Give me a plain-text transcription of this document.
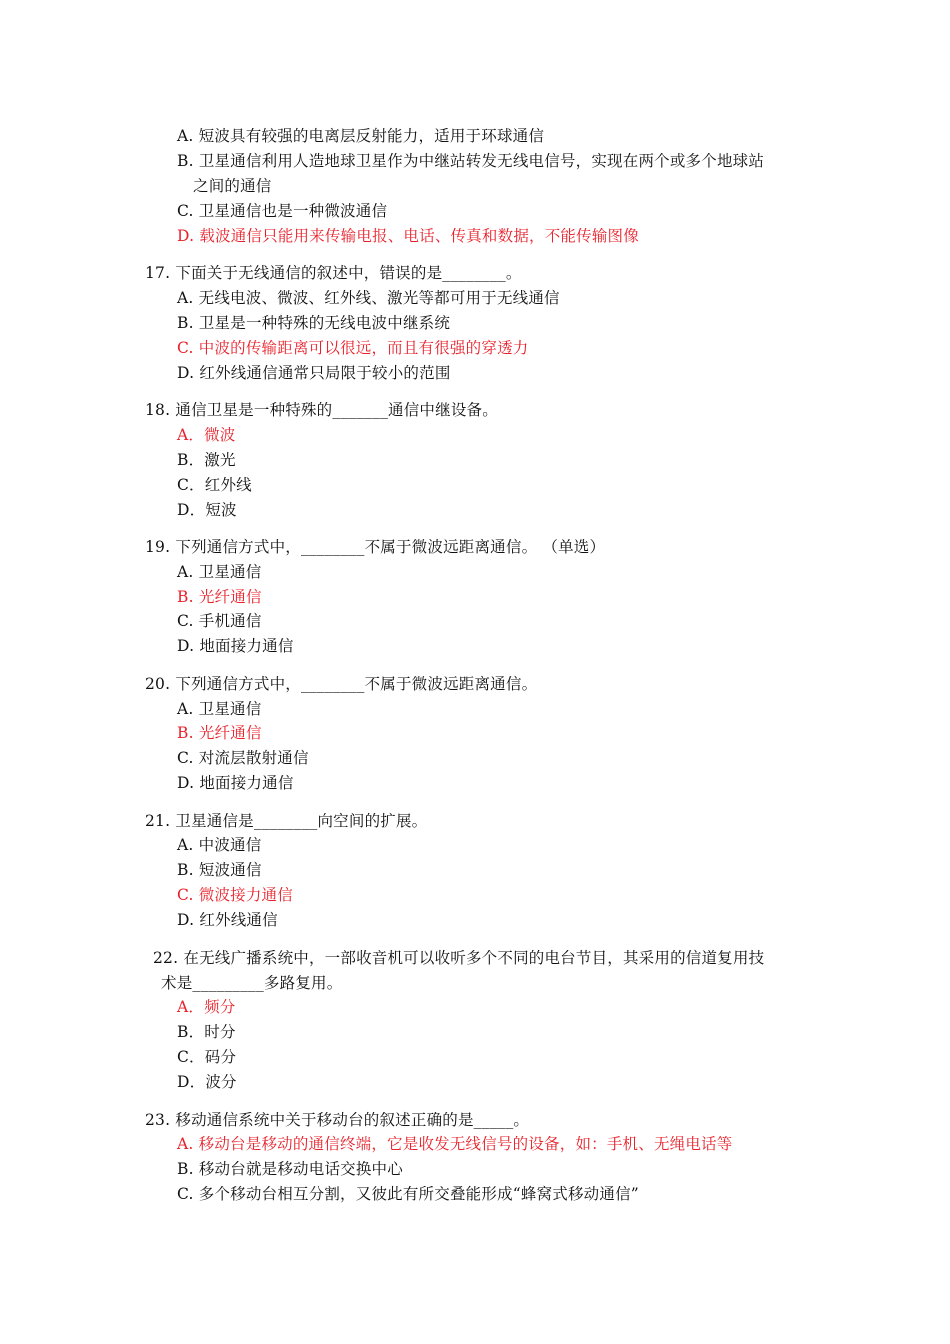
A. 短波具有较强的电离层反射能力，适用于环球通信
B. 卫星通信利用人造地球卫星作为中继站转发无线电信号，实现在两个或多个地球站
之间的通信
C. 卫星通信也是一种微波通信
D. 载波通信只能用来传输电报、电话、传真和数据，不能传输图像
17. 下面关于无线通信的叙述中，错误的是________。
A. 无线电波、微波、红外线、激光等都可用于无线通信
B. 卫星是一种特殊的无线电波中继系统
C. 中波的传输距离可以很远，而且有很强的穿透力
D. 红外线通信通常只局限于较小的范围
18. 通信卫星是一种特殊的_______通信中继设备。
A．微波
B．激光
C．红外线
D．短波
19. 下列通信方式中，________不属于微波远距离通信。 （单选）
A. 卫星通信
B. 光纤通信
C. 手机通信
D. 地面接力通信
20. 下列通信方式中，________不属于微波远距离通信。
A. 卫星通信
B. 光纤通信
C. 对流层散射通信
D. 地面接力通信
21. 卫星通信是________向空间的扩展。
A. 中波通信
B. 短波通信
C. 微波接力通信
D. 红外线通信
22. 在无线广播系统中，一部收音机可以收听多个不同的电台节目，其采用的信道复用技
术是_________多路复用。
A．频分
B．时分
C．码分
D．波分
23. 移动通信系统中关于移动台的叙述正确的是_____。
A. 移动台是移动的通信终端，它是收发无线信号的设备，如：手机、无绳电话等
B. 移动台就是移动电话交换中心
C. 多个移动台相互分割，又彼此有所交叠能形成“蜂窝式移动通信”
